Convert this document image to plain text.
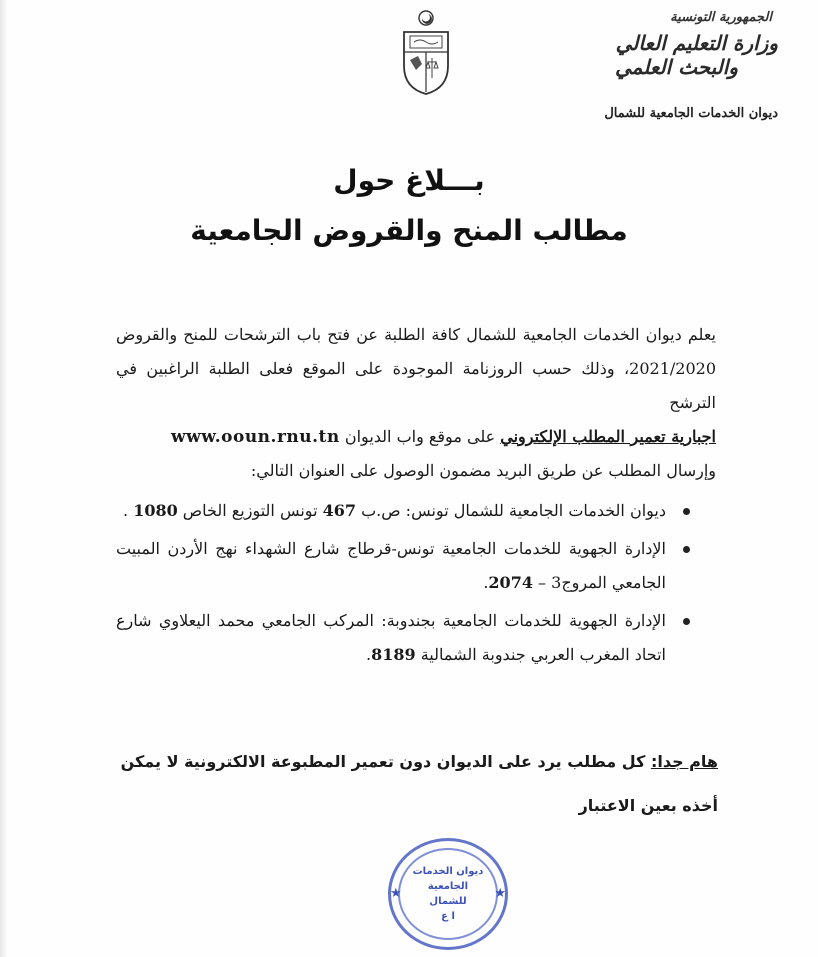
الجمهورية التونسية
وزارة التعليم العالي
والبحث العلمي
ديوان الخدمات الجامعية للشمال
بـــلاغ حول
مطالب المنح والقروض الجامعية

يعلم ديوان الخدمات الجامعية للشمال كافة الطلبة عن فتح باب الترشحات للمنح والقروض 2021/2020، وذلك حسب الروزنامة الموجودة على الموقع فعلى الطلبة الراغبين في الترشح

اجبارية تعمير المطلب الإلكتروني على موقع واب الديوان www.ooun.rnu.tn

وإرسال المطلب عن طريق البريد مضمون الوصول على العنوان التالي:

ديوان الخدمات الجامعية للشمال تونس: ص.ب 467 تونس التوزيع الخاص 1080 .
الإدارة الجهوية للخدمات الجامعية تونس-قرطاج شارع الشهداء نهج الأردن المبيت الجامعي المروج3 – 2074.
الإدارة الجهوية للخدمات الجامعية بجندوبة: المركب الجامعي محمد اليعلاوي شارع اتحاد المغرب العربي جندوبة الشمالية 8189.
هام جدا: كل مطلب يرد على الديوان دون تعمير المطبوعة الالكترونية لا يمكن أخذه بعين الاعتبار
★	★
ديوان الخدمات
الجامعية للشمال
ا ع
